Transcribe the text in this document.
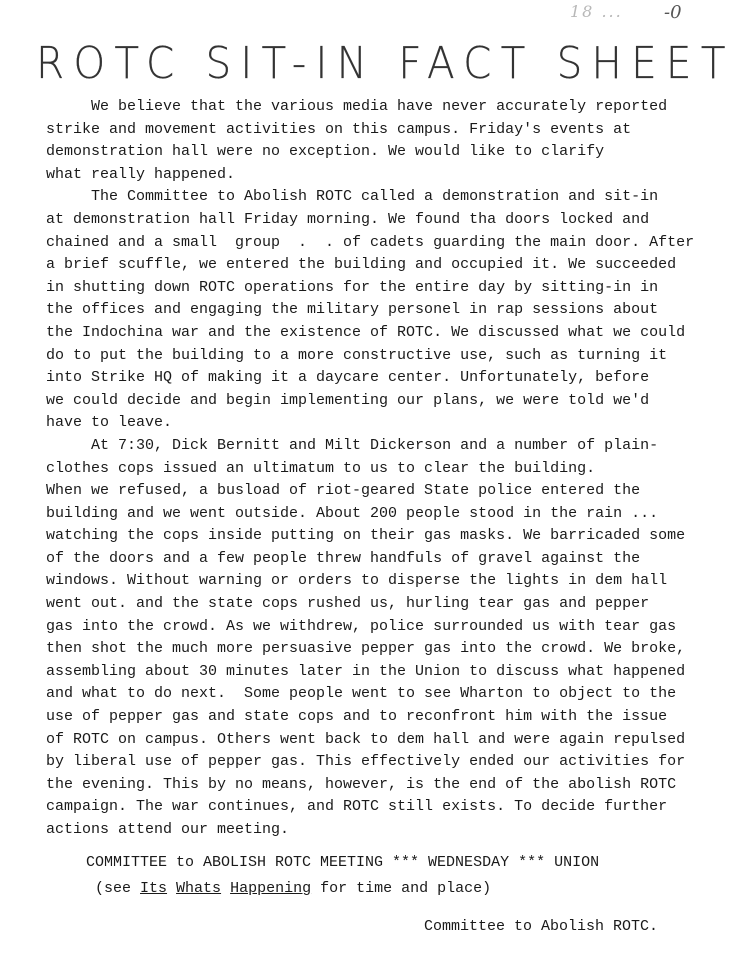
18 ... -0
ROTC SIT-IN FACT SHEET
We believe that the various media have never accurately reported
strike and movement activities on this campus. Friday's events at
demonstration hall were no exception. We would like to clarify
what really happened.
The Committee to Abolish ROTC called a demonstration and sit-in
at demonstration hall Friday morning. We found tha doors locked and
chained and a small  group  .  . of cadets guarding the main door. After
a brief scuffle, we entered the building and occupied it. We succeeded
in shutting down ROTC operations for the entire day by sitting-in in
the offices and engaging the military personel in rap sessions about
the Indochina war and the existence of ROTC. We discussed what we could
do to put the building to a more constructive use, such as turning it
into Strike HQ of making it a daycare center. Unfortunately, before
we could decide and begin implementing our plans, we were told we'd
have to leave.
At 7:30, Dick Bernitt and Milt Dickerson and a number of plain-
clothes cops issued an ultimatum to us to clear the building.
When we refused, a busload of riot-geared State police entered the
building and we went outside. About 200 people stood in the rain ...
watching the cops inside putting on their gas masks. We barricaded some
of the doors and a few people threw handfuls of gravel against the
windows. Without warning or orders to disperse the lights in dem hall
went out. and the state cops rushed us, hurling tear gas and pepper
gas into the crowd. As we withdrew, police surrounded us with tear gas
then shot the much more persuasive pepper gas into the crowd. We broke,
assembling about 30 minutes later in the Union to discuss what happened
and what to do next.  Some people went to see Wharton to object to the
use of pepper gas and state cops and to reconfront him with the issue
of ROTC on campus. Others went back to dem hall and were again repulsed
by liberal use of pepper gas. This effectively ended our activities for
the evening. This by no means, however, is the end of the abolish ROTC
campaign. The war continues, and ROTC still exists. To decide further
actions attend our meeting.
COMMITTEE to ABOLISH ROTC MEETING *** WEDNESDAY *** UNION
(see Its Whats Happening for time and place)
Committee to Abolish ROTC.
